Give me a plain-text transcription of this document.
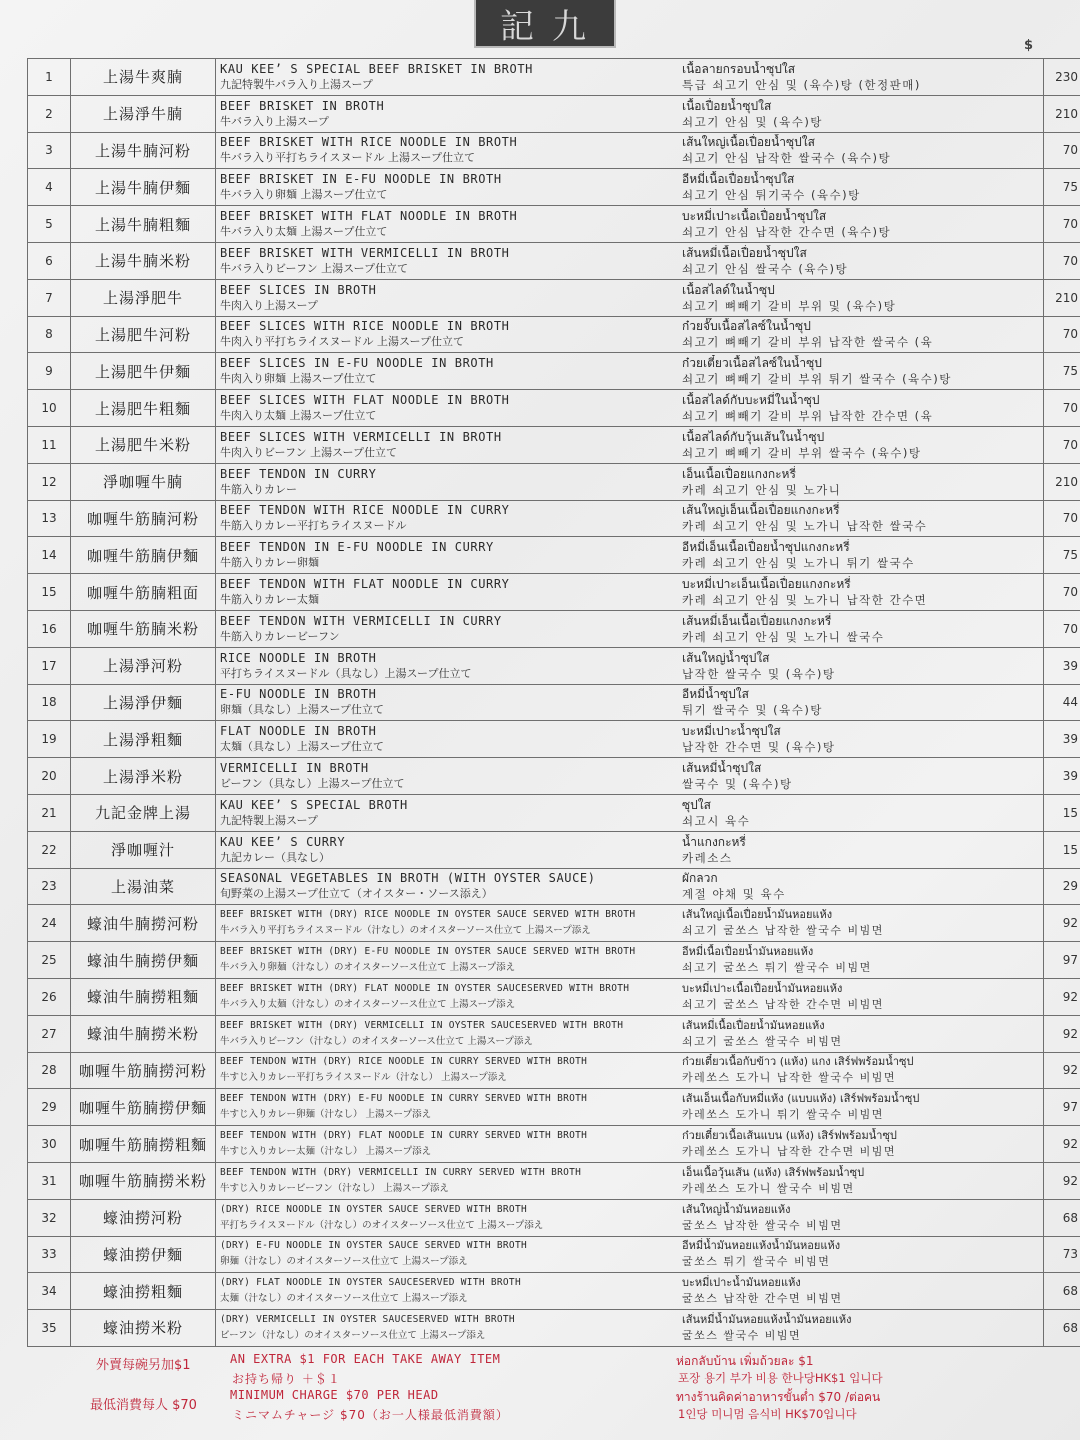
記九	$
1	上湯牛爽腩	KAU KEE’ S SPECIAL BEEF BRISKET IN BROTH
九記特製牛バラ入り上湯スープ
เนื้อลายกรอบน้ำซุปใส
특급 쇠고기 안심 및 (육수)탕 (한정판매)	230
2	上湯淨牛腩	BEEF BRISKET IN BROTH
牛バラ入り上湯スープ
เนื้อเปื่อยน้ำซุปใส
쇠고기 안심 및 (육수)탕	210
3	上湯牛腩河粉	BEEF BRISKET WITH RICE NOODLE IN BROTH
牛バラ入り平打ちライスヌードル 上湯スープ仕立て
เส้นใหญ่เนื้อเปื่อยน้ำซุปใส
쇠고기 안심 납작한 쌀국수 (육수)탕	70
4	上湯牛腩伊麵	BEEF BRISKET IN E-FU NOODLE IN BROTH
牛バラ入り卵麺 上湯スープ仕立て
อีหมี่เนื้อเปื่อยน้ำซุปใส
쇠고기 안심 튀기국수 (육수)탕	75
5	上湯牛腩粗麵	BEEF BRISKET WITH FLAT NOODLE IN BROTH
牛バラ入り太麺 上湯スープ仕立て
บะหมี่เปาะเนื้อเปื่อยน้ำซุปใส
쇠고기 안심 납작한 간수면 (육수)탕	70
6	上湯牛腩米粉	BEEF BRISKET WITH VERMICELLI IN BROTH
牛バラ入りビーフン 上湯スープ仕立て
เส้นหมี่เนื้อเปื่อยน้ำซุปใส
쇠고기 안심 쌀국수 (육수)탕	70
7	上湯淨肥牛	BEEF SLICES IN BROTH
牛肉入り上湯スープ
เนื้อสไลด์ในน้ำซุป
쇠고기 뼈빼기 갈비 부위 및 (육수)탕	210
8	上湯肥牛河粉	BEEF SLICES WITH RICE NOODLE IN BROTH
牛肉入り平打ちライスヌードル 上湯スープ仕立て
ก๋วยจั๊บเนื้อสไลซ์ในน้ำซุป
쇠고기 뼈빼기 갈비 부위 납작한 쌀국수 (육	70
9	上湯肥牛伊麵	BEEF SLICES IN E-FU NOODLE IN BROTH
牛肉入り卵麺 上湯スープ仕立て
ก๋วยเตี๋ยวเนื้อสไลซ์ในน้ำซุป
쇠고기 뼈빼기 갈비 부위 튀기 쌀국수 (육수)탕	75
10	上湯肥牛粗麵	BEEF SLICES WITH FLAT NOODLE IN BROTH
牛肉入り太麺 上湯スープ仕立て
เนื้อสไลด์กับบะหมี่ในน้ำซุป
쇠고기 뼈빼기 갈비 부위 납작한 간수면 (육	70
11	上湯肥牛米粉	BEEF SLICES WITH VERMICELLI IN BROTH
牛肉入りビーフン 上湯スープ仕立て
เนื้อสไลด์กับวุ้นเส้นในน้ำซุป
쇠고기 뼈빼기 갈비 부위 쌀국수 (육수)탕	70
12	淨咖喱牛腩	BEEF TENDON IN CURRY
牛筋入りカレー
เอ็นเนื้อเปื่อยแกงกะหรี่
카레 쇠고기 안심 및 노가니	210
13	咖喱牛筋腩河粉	BEEF TENDON WITH RICE NOODLE IN CURRY
牛筋入りカレー平打ちライスヌードル
เส้นใหญ่เอ็นเนื้อเปื่อยแกงกะหรี่
카레 쇠고기 안심 및 노가니 납작한 쌀국수	70
14	咖喱牛筋腩伊麵	BEEF TENDON IN E-FU NOODLE IN CURRY
牛筋入りカレー卵麺
อีหมี่เอ็นเนื้อเปื่อยน้ำซุปแกงกะหรี่
카레 쇠고기 안심 및 노가니 튀기 쌀국수	75
15	咖喱牛筋腩粗面	BEEF TENDON WITH FLAT NOODLE IN CURRY
牛筋入りカレー太麺
บะหมี่เปาะเอ็นเนื้อเปื่อยแกงกะหรี่
카레 쇠고기 안심 및 노가니 납작한 간수면	70
16	咖喱牛筋腩米粉	BEEF TENDON WITH VERMICELLI IN CURRY
牛筋入りカレービーフン
เส้นหมี่เอ็นเนื้อเปื่อยแกงกะหรี่
카레 쇠고기 안심 및 노가니 쌀국수	70
17	上湯淨河粉	RICE NOODLE IN BROTH
平打ちライスヌードル（具なし）上湯スープ仕立て
เส้นใหญ่น้ำซุปใส
납작한 쌀국수 및 (육수)탕	39
18	上湯淨伊麵	E-FU NOODLE IN BROTH
卵麺（具なし）上湯スープ仕立て
อีหมี่น้ำซุปใส
튀기 쌀국수 및 (육수)탕	44
19	上湯淨粗麵	FLAT NOODLE IN BROTH
太麺（具なし）上湯スープ仕立て
บะหมี่เปาะน้ำซุปใส
납작한 간수면 및 (육수)탕	39
20	上湯淨米粉	VERMICELLI IN BROTH
ビーフン（具なし）上湯スープ仕立て
เส้นหมี่น้ำซุปใส
쌀국수 및 (육수)탕	39
21	九記金牌上湯	KAU KEE’ S SPECIAL BROTH
九記特製上湯スープ
ซุปใส
쇠고시 육수	15
22	淨咖喱汁	KAU KEE’ S CURRY
九記カレー（具なし）
น้ำแกงกะหรี่
카레소스	15
23	上湯油菜	SEASONAL VEGETABLES IN BROTH (WITH OYSTER SAUCE)
旬野菜の上湯スープ仕立て（オイスター・ソース添え）
ผักลวก
계절 야채 및 육수	29
24	蠔油牛腩撈河粉	BEEF BRISKET WITH (DRY) RICE NOODLE IN OYSTER SAUCE SERVED WITH BROTH
牛バラ入り平打ちライスヌードル（汁なし）のオイスターソース仕立て 上湯スープ添え
เส้นใหญ่เนื้อเปื่อยน้ำมันหอยแห้ง
쇠고기 굴쏘스 납작한 쌀국수 비빔면	92
25	蠔油牛腩撈伊麵	BEEF BRISKET WITH (DRY) E-FU NOODLE IN OYSTER SAUCE SERVED WITH BROTH
牛バラ入り卵麺（汁なし）のオイスターソース仕立て 上湯スープ添え
อีหมี่เนื้อเปื่อยน้ำมันหอยแห้ง
쇠고기 굴쏘스 튀기 쌀국수 비빔면	97
26	蠔油牛腩撈粗麵	BEEF BRISKET WITH (DRY) FLAT NOODLE IN OYSTER SAUCESERVED WITH BROTH
牛バラ入り太麺（汁なし）のオイスターソース仕立て 上湯スープ添え
บะหมี่เปาะเนื้อเปื่อยน้ำมันหอยแห้ง
쇠고기 굴쏘스 납작한 간수면 비빔면	92
27	蠔油牛腩撈米粉	BEEF BRISKET WITH (DRY) VERMICELLI IN OYSTER SAUCESERVED WITH BROTH
牛バラ入りビーフン（汁なし）のオイスターソース仕立て 上湯スープ添え
เส้นหมี่เนื้อเปื่อยน้ำมันหอยแห้ง
쇠고기 굴쏘스 쌀국수 비빔면	92
28	咖喱牛筋腩撈河粉	BEEF TENDON WITH (DRY) RICE NOODLE IN CURRY SERVED WITH BROTH
牛すじ入りカレー平打ちライスヌードル（汁なし） 上湯スープ添え
ก๋วยเตี๋ยวเนื้อกับข้าว (แห้ง) แกง เสิร์ฟพร้อมน้ำซุป
카레쏘스 도가니 납작한 쌀국수 비빔면	92
29	咖喱牛筋腩撈伊麵	BEEF TENDON WITH (DRY) E-FU NOODLE IN CURRY SERVED WITH BROTH
牛すじ入りカレー卵麺（汁なし） 上湯スープ添え
เส้นเอ็นเนื้อกับหมี่แห้ง (แบบแห้ง) เสิร์ฟพร้อมน้ำซุป
카레쏘스 도가니 튀기 쌀국수 비빔면	97
30	咖喱牛筋腩撈粗麵	BEEF TENDON WITH (DRY) FLAT NOODLE IN CURRY SERVED WITH BROTH
牛すじ入りカレー太麺（汁なし） 上湯スープ添え
ก๋วยเตี๋ยวเนื้อเส้นแบน (แห้ง) เสิร์ฟพร้อมน้ำซุป
카레쏘스 도가니 납작한 간수면 비빔면	92
31	咖喱牛筋腩撈米粉	BEEF TENDON WITH (DRY) VERMICELLI IN CURRY SERVED WITH BROTH
牛すじ入りカレービーフン（汁なし） 上湯スープ添え
เอ็นเนื้อวุ้นเส้น (แห้ง) เสิร์ฟพร้อมน้ำซุป
카레쏘스 도가니 쌀국수 비빔면	92
32	蠔油撈河粉	(DRY) RICE NOODLE IN OYSTER SAUCE SERVED WITH BROTH
平打ちライスヌードル（汁なし）のオイスターソース仕立て 上湯スープ添え
เส้นใหญ่น้ำมันหอยแห้ง
굴쏘스 납작한 쌀국수 비빔면	68
33	蠔油撈伊麵	(DRY) E-FU NOODLE IN OYSTER SAUCE SERVED WITH BROTH
卵麺（汁なし）のオイスターソース仕立て 上湯スープ添え
อีหมี่น้ำมันหอยแห้งน้ำมันหอยแห้ง
굴쏘스 튀기 쌀국수 비빔면	73
34	蠔油撈粗麵	(DRY) FLAT NOODLE IN OYSTER SAUCESERVED WITH BROTH
太麺（汁なし）のオイスターソース仕立て 上湯スープ添え
บะหมี่เปาะน้ำมันหอยแห้ง
굴쏘스 납작한 간수면 비빔면	68
35	蠔油撈米粉	(DRY) VERMICELLI IN OYSTER SAUCESERVED WITH BROTH
ビーフン（汁なし）のオイスターソース仕立て 上湯スープ添え
เส้นหมี่น้ำมันหอยแห้งน้ำมันหอยแห้ง
굴쏘스 쌀국수 비빔면	68
外賣每碗另加$1
最低消費每人 $70
AN EXTRA $1 FOR EACH TAKE AWAY ITEM
お持ち帰り ＋＄１
MINIMUM CHARGE $70 PER HEAD
ミニマムチャージ $70（お一人様最低消費額）
ห่อกลับบ้าน เพิ่มถ้วยละ $1
포장 용기 부가 비용 한나당HK$1 입니다
ทางร้านคิดค่าอาหารขั้นต่ำ $70 /ต่อคน
1인당 미니멈 음식비 HK$70입니다
